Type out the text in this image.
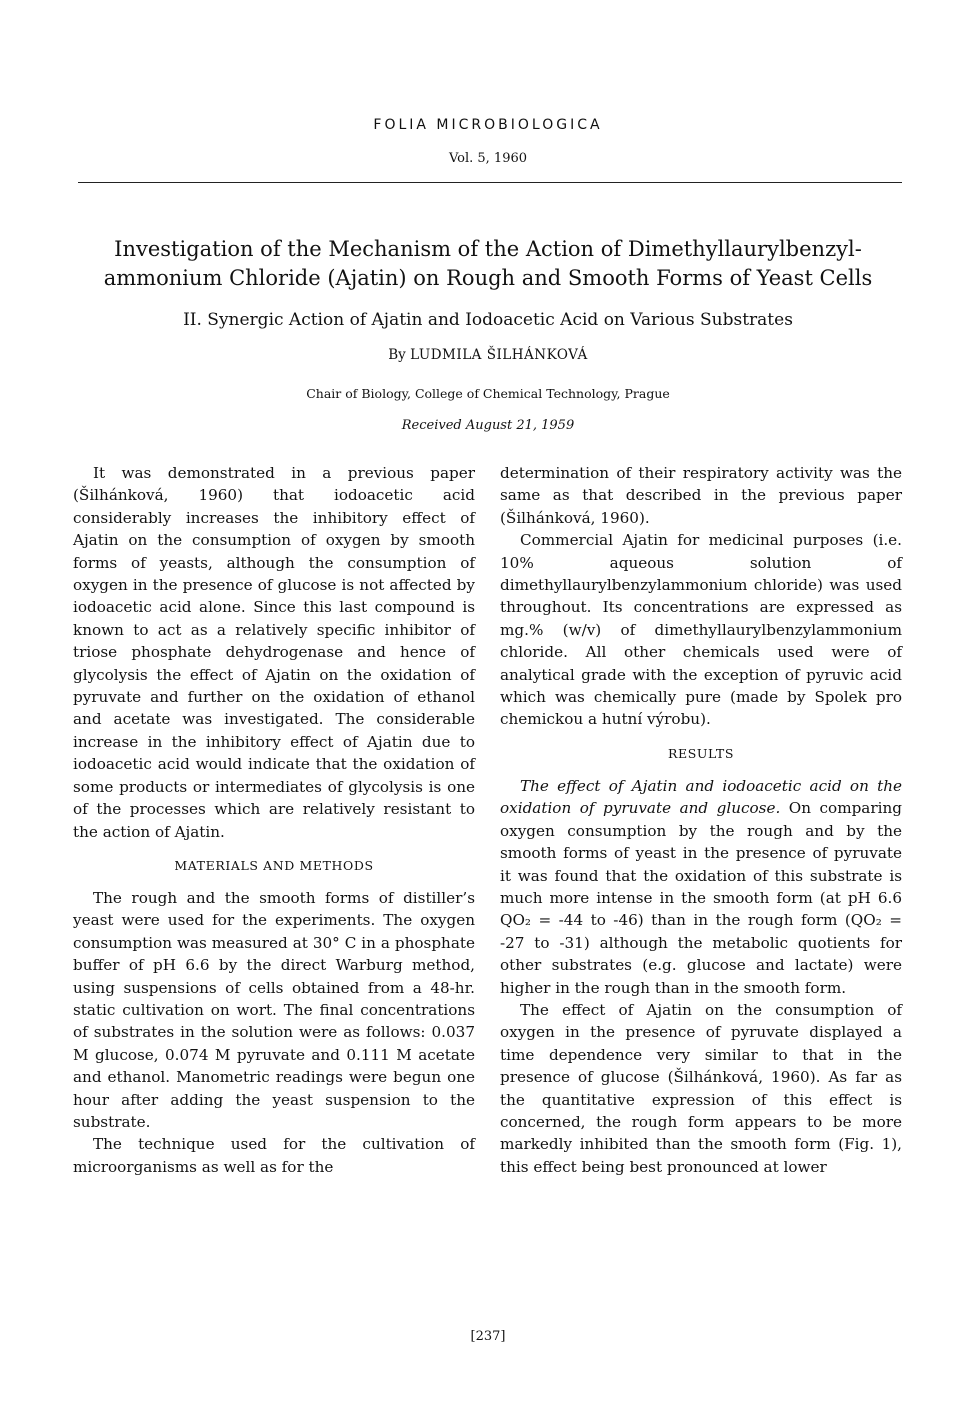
FOLIA MICROBIOLOGICA
Vol. 5, 1960
Investigation of the Mechanism of the Action of Dimethyllaurylbenzyl-
ammonium Chloride (Ajatin) on Rough and Smooth Forms of Yeast Cells
II. Synergic Action of Ajatin and Iodoacetic Acid on Various Substrates
By LUDMILA ŠILHÁNKOVÁ
Chair of Biology, College of Chemical Technology, Prague
Received August 21, 1959

It was demonstrated in a previous paper (Šilhánková, 1960) that iodoacetic acid considerably increases the inhibitory effect of Ajatin on the consumption of oxygen by smooth forms of yeasts, although the consumption of oxygen in the presence of glucose is not affected by iodoacetic acid alone. Since this last compound is known to act as a relatively specific inhibitor of triose phosphate dehydrogenase and hence of glycolysis the effect of Ajatin on the oxidation of pyruvate and further on the oxidation of ethanol and acetate was investigated. The considerable increase in the inhibitory effect of Ajatin due to iodoacetic acid would indicate that the oxidation of some products or intermediates of glycolysis is one of the processes which are relatively resistant to the action of Ajatin.

MATERIALS AND METHODS

The rough and the smooth forms of distiller’s yeast were used for the experiments. The oxygen consumption was measured at 30° C in a phosphate buffer of pH 6.6 by the direct Warburg method, using suspensions of cells obtained from a 48-hr. static cultivation on wort. The final concentrations of substrates in the solution were as follows: 0.037 M glucose, 0.074 M pyruvate and 0.111 M acetate and ethanol. Manometric readings were begun one hour after adding the yeast suspension to the substrate.

The technique used for the cultivation of microorganisms as well as for the

determination of their respiratory activity was the same as that described in the previous paper (Šilhánková, 1960).

Commercial Ajatin for medicinal purposes (i.e. 10% aqueous solution of dimethyllaurylbenzylammonium chloride) was used throughout. Its concentrations are expressed as mg.% (w/v) of dimethyllaurylbenzylammonium chloride. All other chemicals used were of analytical grade with the exception of pyruvic acid which was chemically pure (made by Spolek pro chemickou a hutní výrobu).

RESULTS

The effect of Ajatin and iodoacetic acid on the oxidation of pyruvate and glucose. On comparing oxygen consumption by the rough and by the smooth forms of yeast in the presence of pyruvate it was found that the oxidation of this substrate is much more intense in the smooth form (at pH 6.6 QO₂ = -44 to -46) than in the rough form (QO₂ = -27 to -31) although the metabolic quotients for other substrates (e.g. glucose and lactate) were higher in the rough than in the smooth form.

The effect of Ajatin on the consumption of oxygen in the presence of pyruvate displayed a time dependence very similar to that in the presence of glucose (Šilhánková, 1960). As far as the quantitative expression of this effect is concerned, the rough form appears to be more markedly inhibited than the smooth form (Fig. 1), this effect being best pronounced at lower

[237]
